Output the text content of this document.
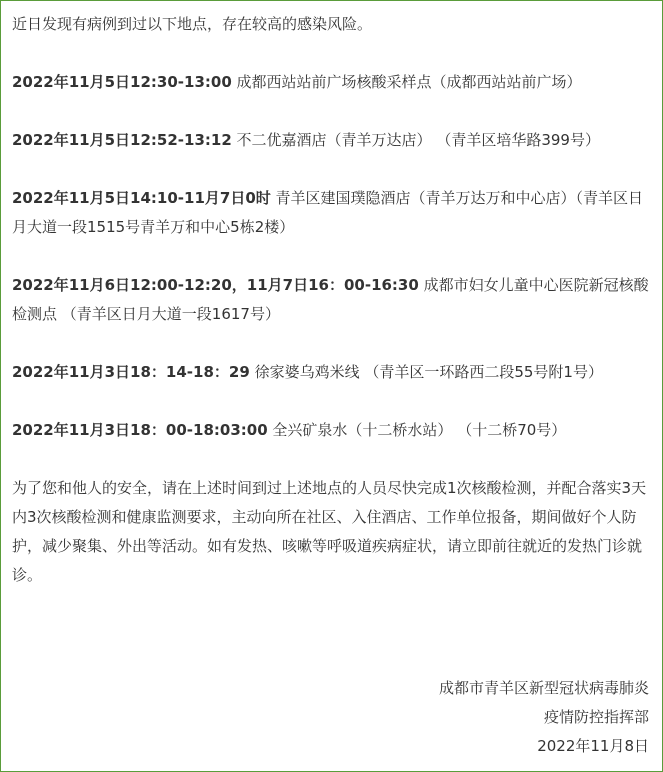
近日发现有病例到过以下地点，存在较高的感染风险。

2022年11月5日12:30-13:00 成都西站站前广场核酸采样点（成都西站站前广场）

2022年11月5日12:52-13:12 不二优嘉酒店（青羊万达店） （青羊区培华路399号）

2022年11月5日14:10-11月7日0时 青羊区建国璞隐酒店（青羊万达万和中心店）（青羊区日月大道一段1515号青羊万和中心5栋2楼）

2022年11月6日12:00-12:20，11月7日16：00-16:30 成都市妇女儿童中心医院新冠核酸检测点 （青羊区日月大道一段1617号）

2022年11月3日18：14-18：29 徐家婆乌鸡米线 （青羊区一环路西二段55号附1号）

2022年11月3日18：00-18:03:00 全兴矿泉水（十二桥水站） （十二桥70号）

为了您和他人的安全，请在上述时间到过上述地点的人员尽快完成1次核酸检测，并配合落实3天内3次核酸检测和健康监测要求，主动向所在社区、入住酒店、工作单位报备，期间做好个人防护，减少聚集、外出等活动。如有发热、咳嗽等呼吸道疾病症状，请立即前往就近的发热门诊就诊。

成都市青羊区新型冠状病毒肺炎
疫情防控指挥部
2022年11月8日
